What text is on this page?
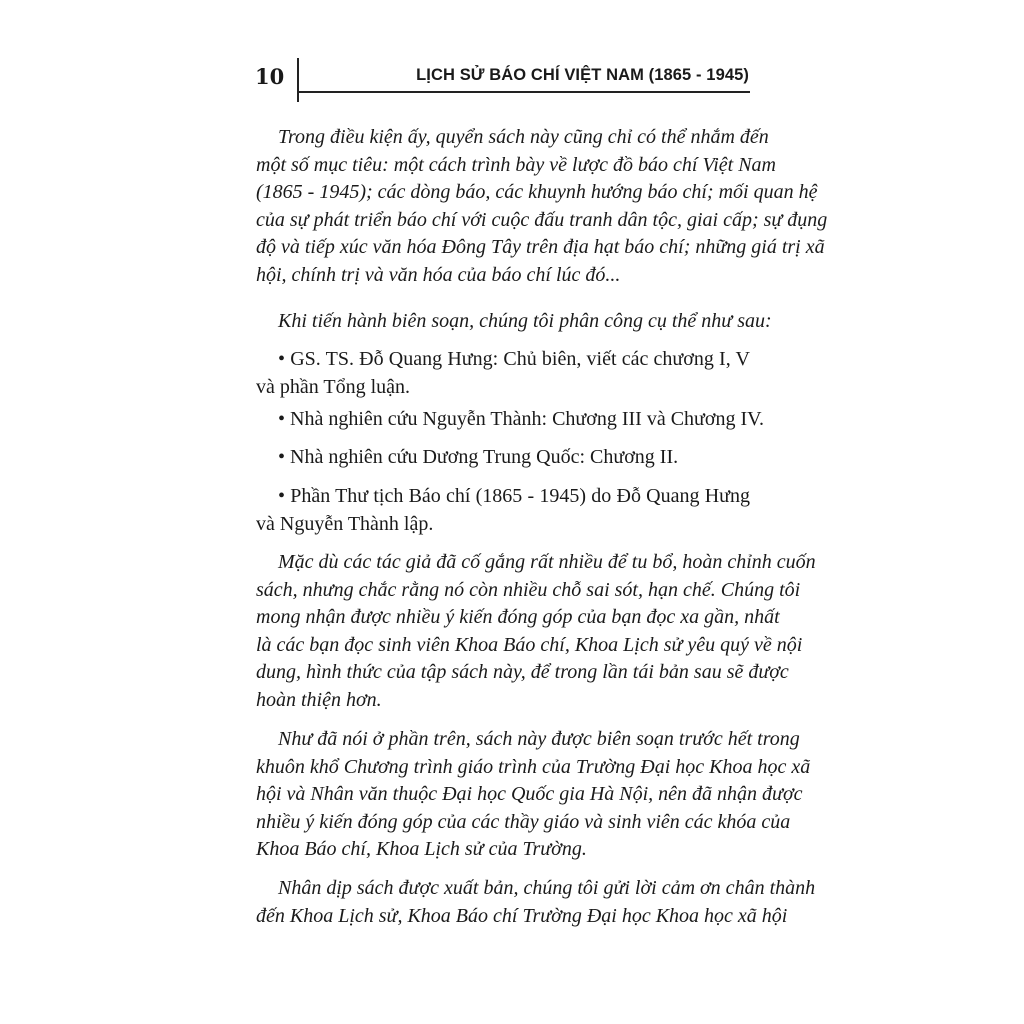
10	LỊCH SỬ BÁO CHÍ VIỆT NAM (1865 - 1945)
Trong điều kiện ấy, quyển sách này cũng chỉ có thể nhắm đến
một số mục tiêu: một cách trình bày về lược đồ báo chí Việt Nam
(1865 - 1945); các dòng báo, các khuynh hướng báo chí; mối quan hệ
của sự phát triển báo chí với cuộc đấu tranh dân tộc, giai cấp; sự đụng
độ và tiếp xúc văn hóa Đông Tây trên địa hạt báo chí; những giá trị xã
hội, chính trị và văn hóa của báo chí lúc đó...
Khi tiến hành biên soạn, chúng tôi phân công cụ thể như sau:
• GS. TS. Đỗ Quang Hưng: Chủ biên, viết các chương I, V
và phần Tổng luận.
• Nhà nghiên cứu Nguyễn Thành: Chương III và Chương IV.
• Nhà nghiên cứu Dương Trung Quốc: Chương II.
• Phần Thư tịch Báo chí (1865 - 1945) do Đỗ Quang Hưng
và Nguyễn Thành lập.
Mặc dù các tác giả đã cố gắng rất nhiều để tu bổ, hoàn chỉnh cuốn
sách, nhưng chắc rằng nó còn nhiều chỗ sai sót, hạn chế. Chúng tôi
mong nhận được nhiều ý kiến đóng góp của bạn đọc xa gần, nhất
là các bạn đọc sinh viên Khoa Báo chí, Khoa Lịch sử yêu quý về nội
dung, hình thức của tập sách này, để trong lần tái bản sau sẽ được
hoàn thiện hơn.
Như đã nói ở phần trên, sách này được biên soạn trước hết trong
khuôn khổ Chương trình giáo trình của Trường Đại học Khoa học xã
hội và Nhân văn thuộc Đại học Quốc gia Hà Nội, nên đã nhận được
nhiều ý kiến đóng góp của các thầy giáo và sinh viên các khóa của
Khoa Báo chí, Khoa Lịch sử của Trường.
Nhân dịp sách được xuất bản, chúng tôi gửi lời cảm ơn chân thành
đến Khoa Lịch sử, Khoa Báo chí Trường Đại học Khoa học xã hội
